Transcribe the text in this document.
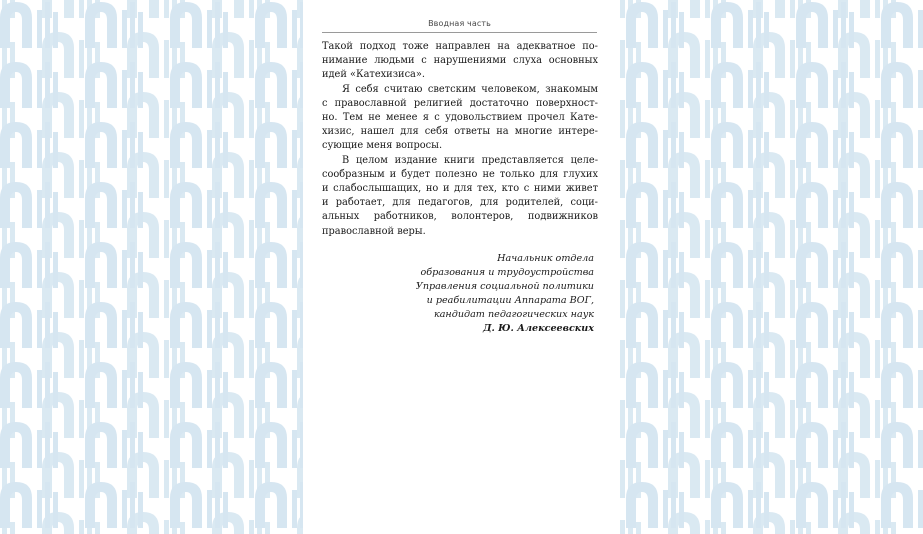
Вводная часть
Такой подход тоже направлен на адекватное по-
нимание людьми с нарушениями слуха основных
идей «Катехизиса».
Я себя считаю светским человеком, знакомым
с православной религией достаточно поверхност-
но. Тем не менее я с удовольствием прочел Кате-
хизис, нашел для себя ответы на многие интере-
сующие меня вопросы.
В целом издание книги представляется целе-
сообразным и будет полезно не только для глухих
и слабослышащих, но и для тех, кто с ними живет
и работает, для педагогов, для родителей, соци-
альных работников, волонтеров, подвижников
православной веры.
Начальник отдела
образования и трудоустройства
Управления социальной политики
и реабилитации Аппарата ВОГ,
кандидат педагогических наук
Д. Ю. Алексеевских
